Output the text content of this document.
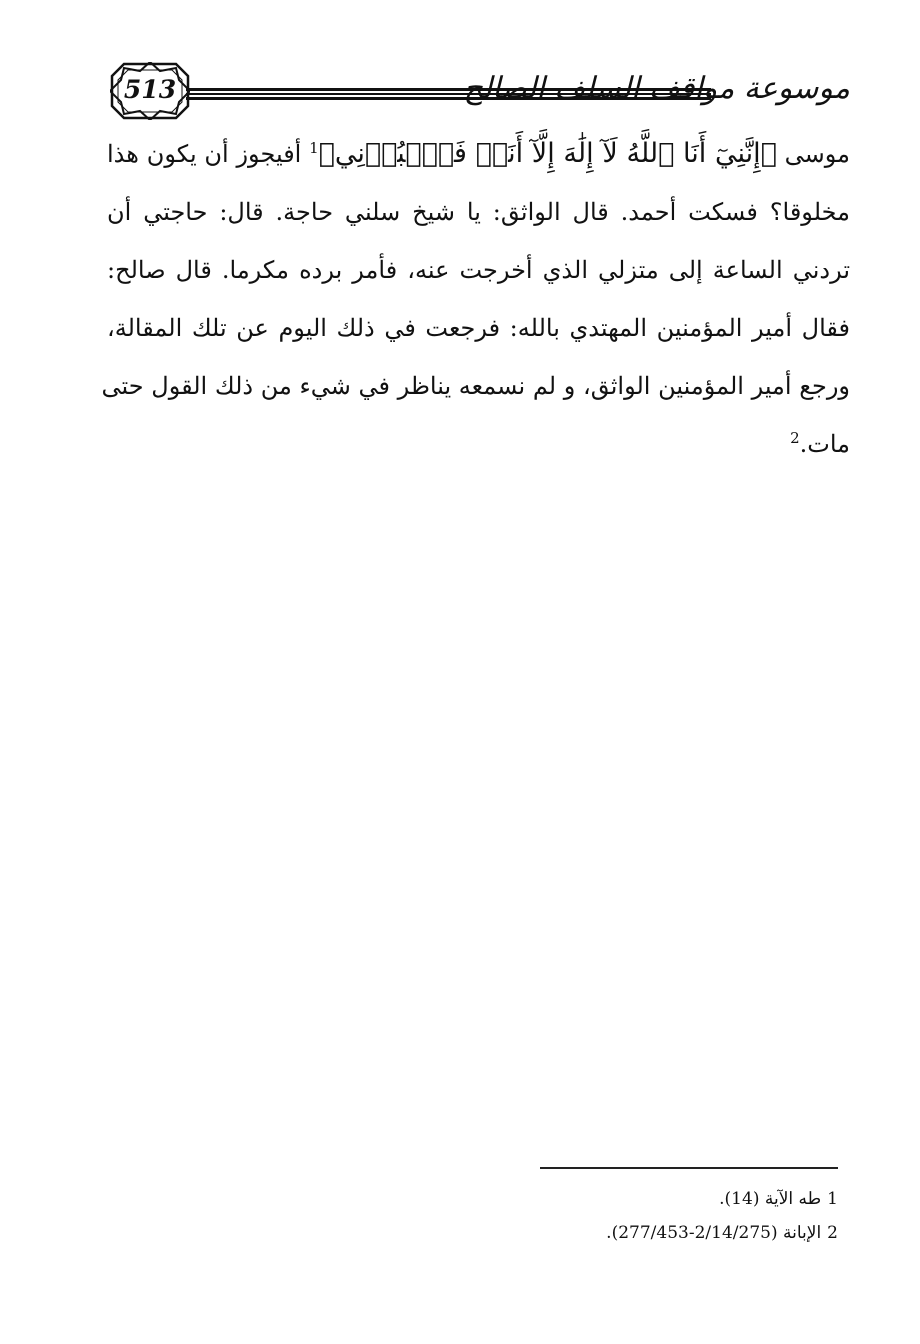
513	موسوعة مواقف السلف الصالح
موسى ﴿إِنَّنِيٓ أَنَا ٱللَّهُ لَآ إِلَٰهَ إِلَّآ أَنَا۠ فَٱعۡبُدۡنِي﴾$^1$ أفيجوز أن يكون هذا
مخلوقا؟ فسكت أحمد. قال الواثق: يا شيخ سلني حاجة. قال: حاجتي أن
تردني الساعة إلى متزلي الذي أخرجت عنه، فأمر برده مكرما. قال صالح:
فقال أمير المؤمنين المهتدي بالله: فرجعت في ذلك اليوم عن تلك المقالة،
ورجع أمير المؤمنين الواثق، و لم نسمعه يناظر في شيء من ذلك القول حتى
مات.$^2$
1طه الآية (14).
2الإبانة (2/14/275-277/453).
